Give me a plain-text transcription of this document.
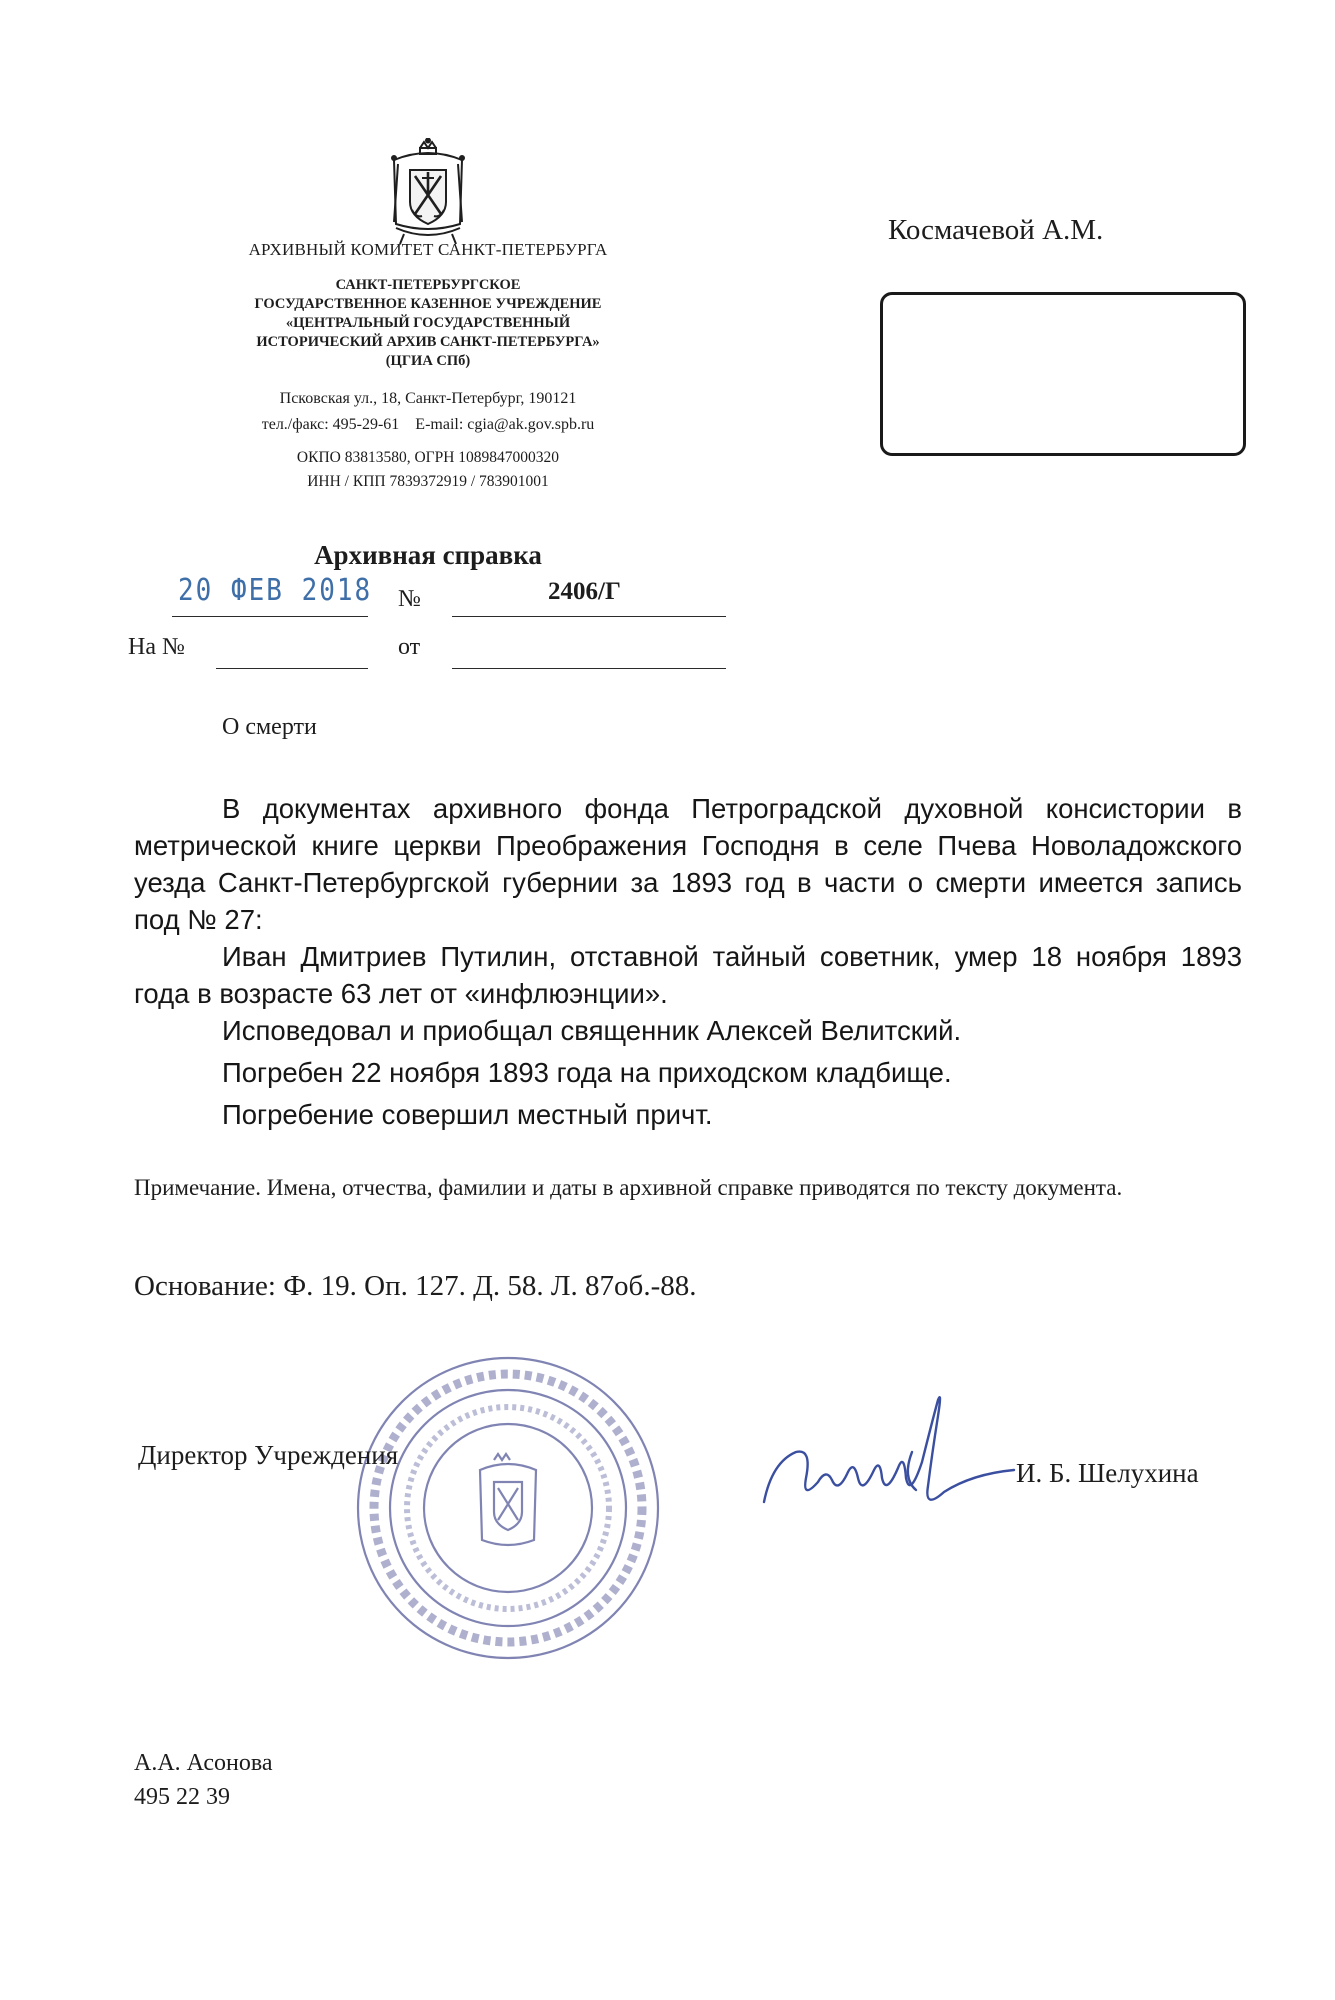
АРХИВНЫЙ КОМИТЕТ САНКТ-ПЕТЕРБУРГА
САНКТ-ПЕТЕРБУРГСКОЕ
ГОСУДАРСТВЕННОЕ КАЗЕННОЕ УЧРЕЖДЕНИЕ
«ЦЕНТРАЛЬНЫЙ ГОСУДАРСТВЕННЫЙ
ИСТОРИЧЕСКИЙ АРХИВ САНКТ-ПЕТЕРБУРГА»
(ЦГИА СПб)
Псковская ул., 18, Санкт-Петербург, 190121
тел./факс: 495-29-61 E-mail: cgia@ak.gov.spb.ru
ОКПО 83813580, ОГРН 1089847000320
ИНН / КПП 7839372919 / 783901001
Космачевой А.М.
Архивная справка
20 ФЕВ 2018 №	2406/Г
На №	от
О смерти
В документах архивного фонда Петроградской духовной консистории в метрической книге церкви Преображения Господня в селе Пчева Новоладожского уезда Санкт-Петербургской губернии за 1893 год в части о смерти имеется запись под № 27:
Иван Дмитриев Путилин, отставной тайный советник, умер 18 ноября 1893 года в возрасте 63 лет от «инфлюэнции».
Исповедовал и приобщал священник Алексей Велитский.
Погребен 22 ноября 1893 года на приходском кладбище.
Погребение совершил местный причт.
Примечание. Имена, отчества, фамилии и даты в архивной справке приводятся по тексту документа.
Основание: Ф. 19. Оп. 127. Д. 58. Л. 87об.-88.
Директор Учреждения
И. Б. Шелухина
А.А. Асонова
495 22 39
